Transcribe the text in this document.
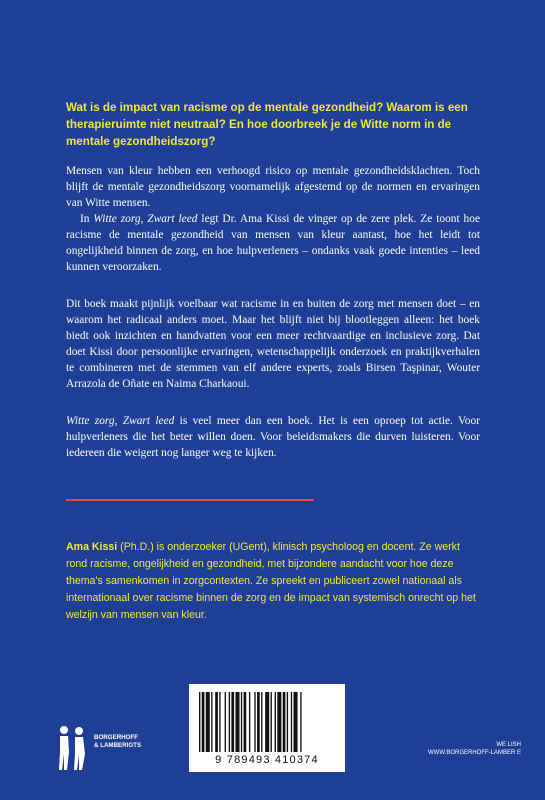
Wat is de impact van racisme op de mentale gezondheid? Waarom is een therapieruimte niet neutraal? En hoe doorbreek je de Witte norm in de mentale gezondheidszorg?

Mensen van kleur hebben een verhoogd risico op mentale gezondheidsklachten. Toch blijft de mentale gezondheidszorg voornamelijk afgestemd op de normen en ervaringen van Witte mensen.

In Witte zorg, Zwart leed legt Dr. Ama Kissi de vinger op de zere plek. Ze toont hoe racisme de mentale gezondheid van mensen van kleur aantast, hoe het leidt tot ongelijkheid binnen de zorg, en hoe hulpverleners – ondanks vaak goede intenties – leed kunnen veroorzaken.

Dit boek maakt pijnlijk voelbaar wat racisme in en buiten de zorg met mensen doet – en waarom het radicaal anders moet. Maar het blijft niet bij blootleggen alleen: het boek biedt ook inzichten en handvatten voor een meer rechtvaardige en inclusieve zorg. Dat doet Kissi door persoonlijke ervaringen, wetenschappelijk onderzoek en praktijkverhalen te combineren met de stemmen van elf andere experts, zoals Birsen Taşpinar, Wouter Arrazola de Oñate en Naima Charkaoui.
Witte zorg, Zwart leed is veel meer dan een boek. Het is een oproep tot actie. Voor hulpverleners die het beter willen doen. Voor beleidsmakers die durven luisteren. Voor iedereen die weigert nog langer weg te kijken.
Ama Kissi (Ph.D.) is onderzoeker (UGent), klinisch psycholoog en docent. Ze werkt rond racisme, ongelijkheid en gezondheid, met bijzondere aandacht voor hoe deze thema's samenkomen in zorgcontexten. Ze spreekt en publiceert zowel nationaal als internationaal over racisme binnen de zorg en de impact van systemisch onrecht op het welzijn van mensen van kleur.
9 789493 410374
BORGERHOFF
& LAMBERIGTS	WE LISH
WWW.BORGERHOFF-LAMBER E
